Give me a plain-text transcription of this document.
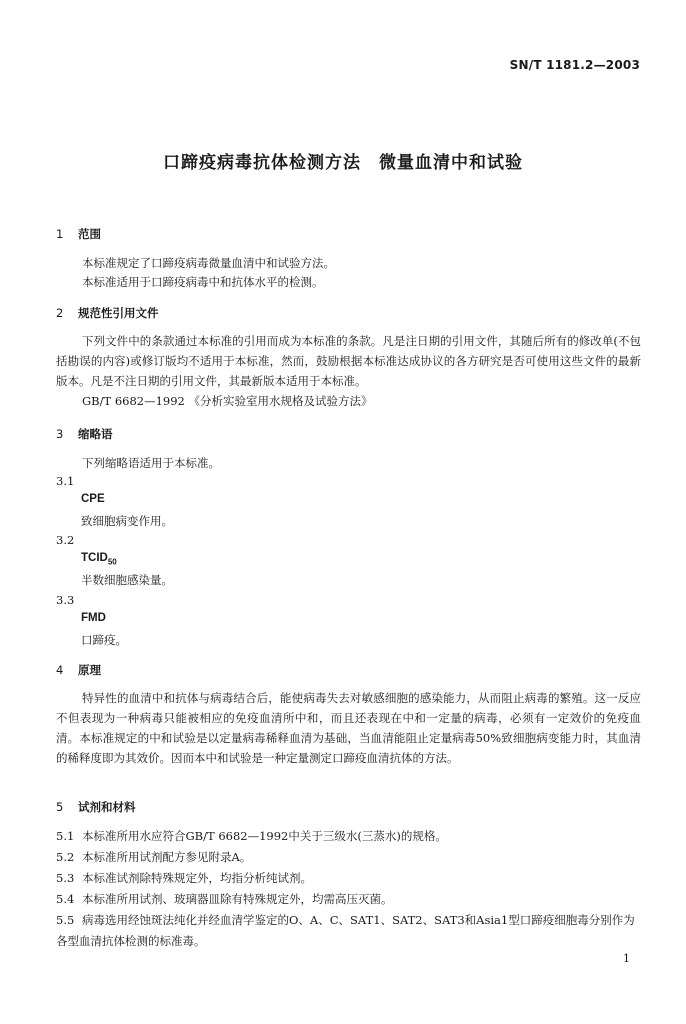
SN/T 1181.2—2003
口蹄疫病毒抗体检测方法　微量血清中和试验
1 范围
本标准规定了口蹄疫病毒微量血清中和试验方法。
本标准适用于口蹄疫病毒中和抗体水平的检测。
2 规范性引用文件
下列文件中的条款通过本标准的引用而成为本标准的条款。凡是注日期的引用文件，其随后所有的修改单(不包括勘误的内容)或修订版均不适用于本标准，然而，鼓励根据本标准达成协议的各方研究是否可使用这些文件的最新版本。凡是不注日期的引用文件，其最新版本适用于本标准。
GB/T 6682—1992 《分析实验室用水规格及试验方法》
3 缩略语
下列缩略语适用于本标准。
3.1
CPE
致细胞病变作用。
3.2
$TCID_{50}$
半数细胞感染量。
3.3
FMD
口蹄疫。
4 原理
特异性的血清中和抗体与病毒结合后，能使病毒失去对敏感细胞的感染能力，从而阻止病毒的繁殖。这一反应不但表现为一种病毒只能被相应的免疫血清所中和，而且还表现在中和一定量的病毒，必须有一定效价的免疫血清。本标准规定的中和试验是以定量病毒稀释血清为基础，当血清能阻止定量病毒50%致细胞病变能力时，其血清的稀释度即为其效价。因而本中和试验是一种定量测定口蹄疫血清抗体的方法。
5 试剂和材料
5.1 本标准所用水应符合GB/T 6682—1992中关于三级水(三蒸水)的规格。
5.2 本标准所用试剂配方参见附录A。
5.3 本标准试剂除特殊规定外，均指分析纯试剂。
5.4 本标准所用试剂、玻璃器皿除有特殊规定外，均需高压灭菌。
5.5 病毒选用经蚀斑法纯化并经血清学鉴定的O、A、C、SAT1、SAT2、SAT3和Asia1型口蹄疫细胞毒分别作为各型血清抗体检测的标准毒。
1
